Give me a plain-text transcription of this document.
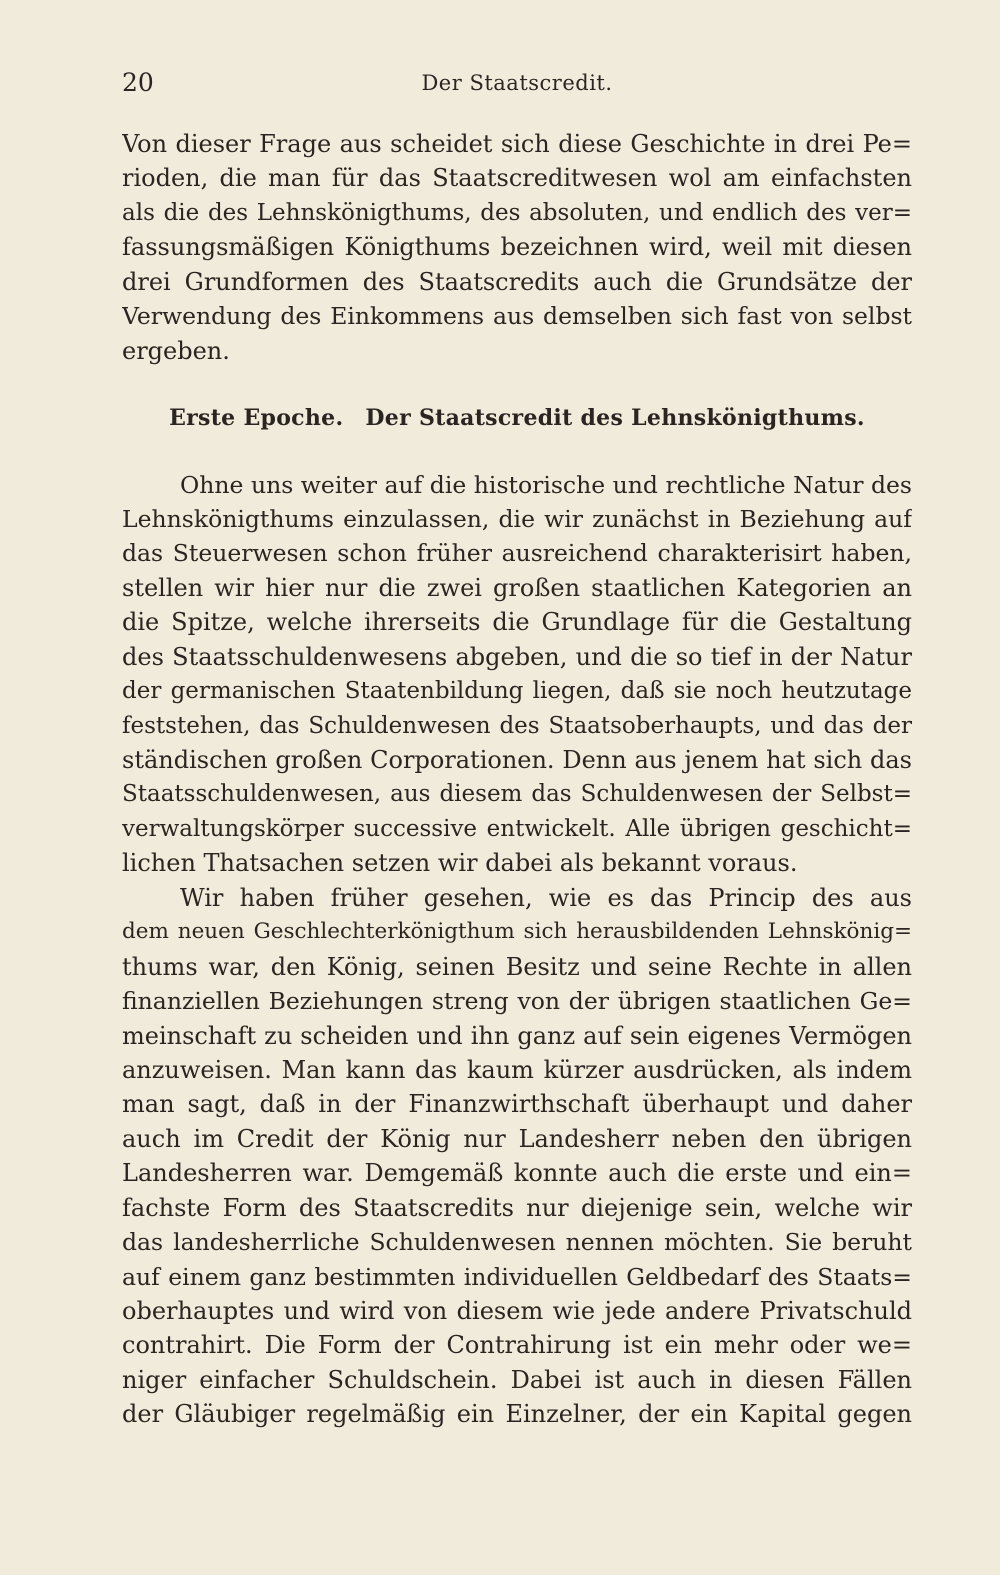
20	Der Staatscredit.
Von dieser Frage aus scheidet sich diese Geschichte in drei Pe=
rioden, die man für das Staatscreditwesen wol am einfachsten
als die des Lehnskönigthums, des absoluten, und endlich des ver=
fassungsmäßigen Königthums bezeichnen wird, weil mit diesen
drei Grundformen des Staatscredits auch die Grundsätze der
Verwendung des Einkommens aus demselben sich fast von selbst
ergeben.
Erste Epoche. Der Staatscredit des Lehnskönigthums.
Ohne uns weiter auf die historische und rechtliche Natur des
Lehnskönigthums einzulassen, die wir zunächst in Beziehung auf
das Steuerwesen schon früher ausreichend charakterisirt haben,
stellen wir hier nur die zwei großen staatlichen Kategorien an
die Spitze, welche ihrerseits die Grundlage für die Gestaltung
des Staatsschuldenwesens abgeben, und die so tief in der Natur
der germanischen Staatenbildung liegen, daß sie noch heutzutage
feststehen, das Schuldenwesen des Staatsoberhaupts, und das der
ständischen großen Corporationen. Denn aus jenem hat sich das
Staatsschuldenwesen, aus diesem das Schuldenwesen der Selbst=
verwaltungskörper successive entwickelt. Alle übrigen geschicht=
lichen Thatsachen setzen wir dabei als bekannt voraus.
Wir haben früher gesehen, wie es das Princip des aus
dem neuen Geschlechterkönigthum sich herausbildenden Lehnskönig=
thums war, den König, seinen Besitz und seine Rechte in allen
finanziellen Beziehungen streng von der übrigen staatlichen Ge=
meinschaft zu scheiden und ihn ganz auf sein eigenes Vermögen
anzuweisen. Man kann das kaum kürzer ausdrücken, als indem
man sagt, daß in der Finanzwirthschaft überhaupt und daher
auch im Credit der König nur Landesherr neben den übrigen
Landesherren war. Demgemäß konnte auch die erste und ein=
fachste Form des Staatscredits nur diejenige sein, welche wir
das landesherrliche Schuldenwesen nennen möchten. Sie beruht
auf einem ganz bestimmten individuellen Geldbedarf des Staats=
oberhauptes und wird von diesem wie jede andere Privatschuld
contrahirt. Die Form der Contrahirung ist ein mehr oder we=
niger einfacher Schuldschein. Dabei ist auch in diesen Fällen
der Gläubiger regelmäßig ein Einzelner, der ein Kapital gegen
